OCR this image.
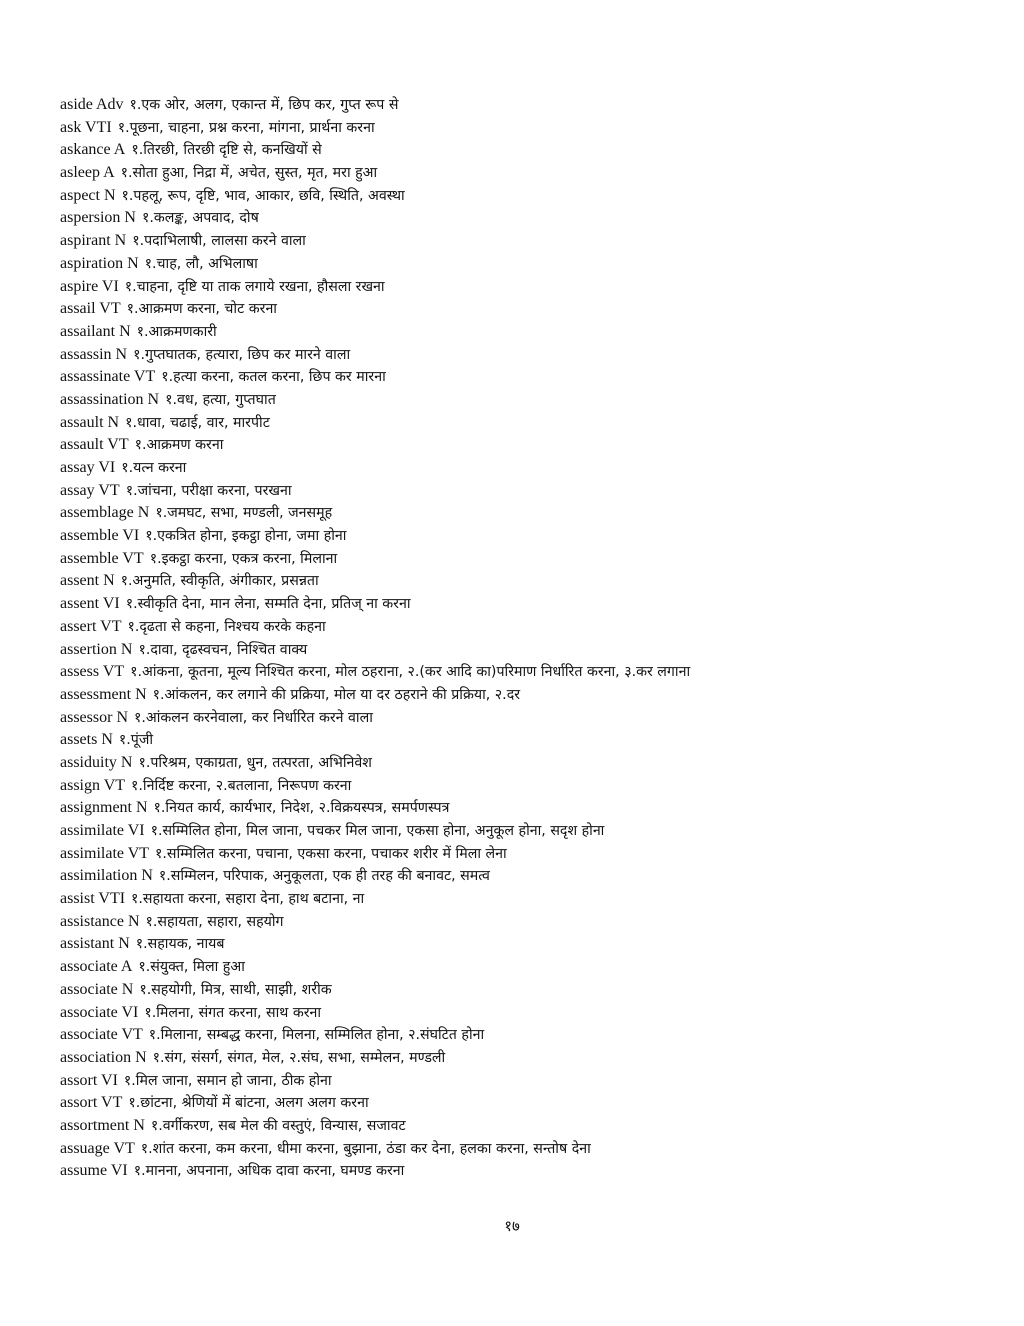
aside Adv १.एक ओर, अलग, एकान्त में, छिप कर, गुप्त रूप से
ask VTI १.पूछना, चाहना, प्रश्न करना, मांगना, प्रार्थना करना
askance A १.तिरछी, तिरछी दृष्टि से, कनखियों से
asleep A १.सोता हुआ, निद्रा में, अचेत, सुस्त, मृत, मरा हुआ
aspect N १.पहलू, रूप, दृष्टि, भाव, आकार, छवि, स्थिति, अवस्था
aspersion N १.कलङ्क, अपवाद, दोष
aspirant N १.पदाभिलाषी, लालसा करने वाला
aspiration N १.चाह, लौ, अभिलाषा
aspire VI १.चाहना, दृष्टि या ताक लगाये रखना, हौसला रखना
assail VT १.आक्रमण करना, चोट करना
assailant N १.आक्रमणकारी
assassin N १.गुप्तघातक, हत्यारा, छिप कर मारने वाला
assassinate VT १.हत्या करना, कतल करना, छिप कर मारना
assassination N १.वध, हत्या, गुप्तघात
assault N १.धावा, चढाई, वार, मारपीट
assault VT १.आक्रमण करना
assay VI १.यत्न करना
assay VT १.जांचना, परीक्षा करना, परखना
assemblage N १.जमघट, सभा, मण्डली, जनसमूह
assemble VI १.एकत्रित होना, इकट्ठा होना, जमा होना
assemble VT १.इकट्ठा करना, एकत्र करना, मिलाना
assent N १.अनुमति, स्वीकृति, अंगीकार, प्रसन्नता
assent VI १.स्वीकृति देना, मान लेना, सम्मति देना, प्रतिज् ना करना
assert VT १.दृढता से कहना, निश्चय करके कहना
assertion N १.दावा, दृढस्वचन, निश्चित वाक्य
assess VT १.आंकना, कूतना, मूल्य निश्चित करना, मोल ठहराना, २.(कर आदि का)परिमाण निर्धारित करना, ३.कर लगाना
assessment N १.आंकलन, कर लगाने की प्रक्रिया, मोल या दर ठहराने की प्रक्रिया, २.दर
assessor N १.आंकलन करनेवाला, कर निर्धारित करने वाला
assets N १.पूंजी
assiduity N १.परिश्रम, एकाग्रता, धुन, तत्परता, अभिनिवेश
assign VT १.निर्दिष्ट करना, २.बतलाना, निरूपण करना
assignment N १.नियत कार्य, कार्यभार, निदेश, २.विक्रयस्पत्र, समर्पणस्पत्र
assimilate VI १.सम्मिलित होना, मिल जाना, पचकर मिल जाना, एकसा होना, अनुकूल होना, सदृश होना
assimilate VT १.सम्मिलित करना, पचाना, एकसा करना, पचाकर शरीर में मिला लेना
assimilation N १.सम्मिलन, परिपाक, अनुकूलता, एक ही तरह की बनावट, समत्व
assist VTI १.सहायता करना, सहारा देना, हाथ बटाना, ना
assistance N १.सहायता, सहारा, सहयोग
assistant N १.सहायक, नायब
associate A १.संयुक्त, मिला हुआ
associate N १.सहयोगी, मित्र, साथी, साझी, शरीक
associate VI १.मिलना, संगत करना, साथ करना
associate VT १.मिलाना, सम्बद्ध करना, मिलना, सम्मिलित होना, २.संघटित होना
association N १.संग, संसर्ग, संगत, मेल, २.संघ, सभा, सम्मेलन, मण्डली
assort VI १.मिल जाना, समान हो जाना, ठीक होना
assort VT १.छांटना, श्रेणियों में बांटना, अलग अलग करना
assortment N १.वर्गीकरण, सब मेल की वस्तुएं, विन्यास, सजावट
assuage VT १.शांत करना, कम करना, धीमा करना, बुझाना, ठंडा कर देना, हलका करना, सन्तोष देना
assume VI १.मानना, अपनाना, अधिक दावा करना, घमण्ड करना
१७
